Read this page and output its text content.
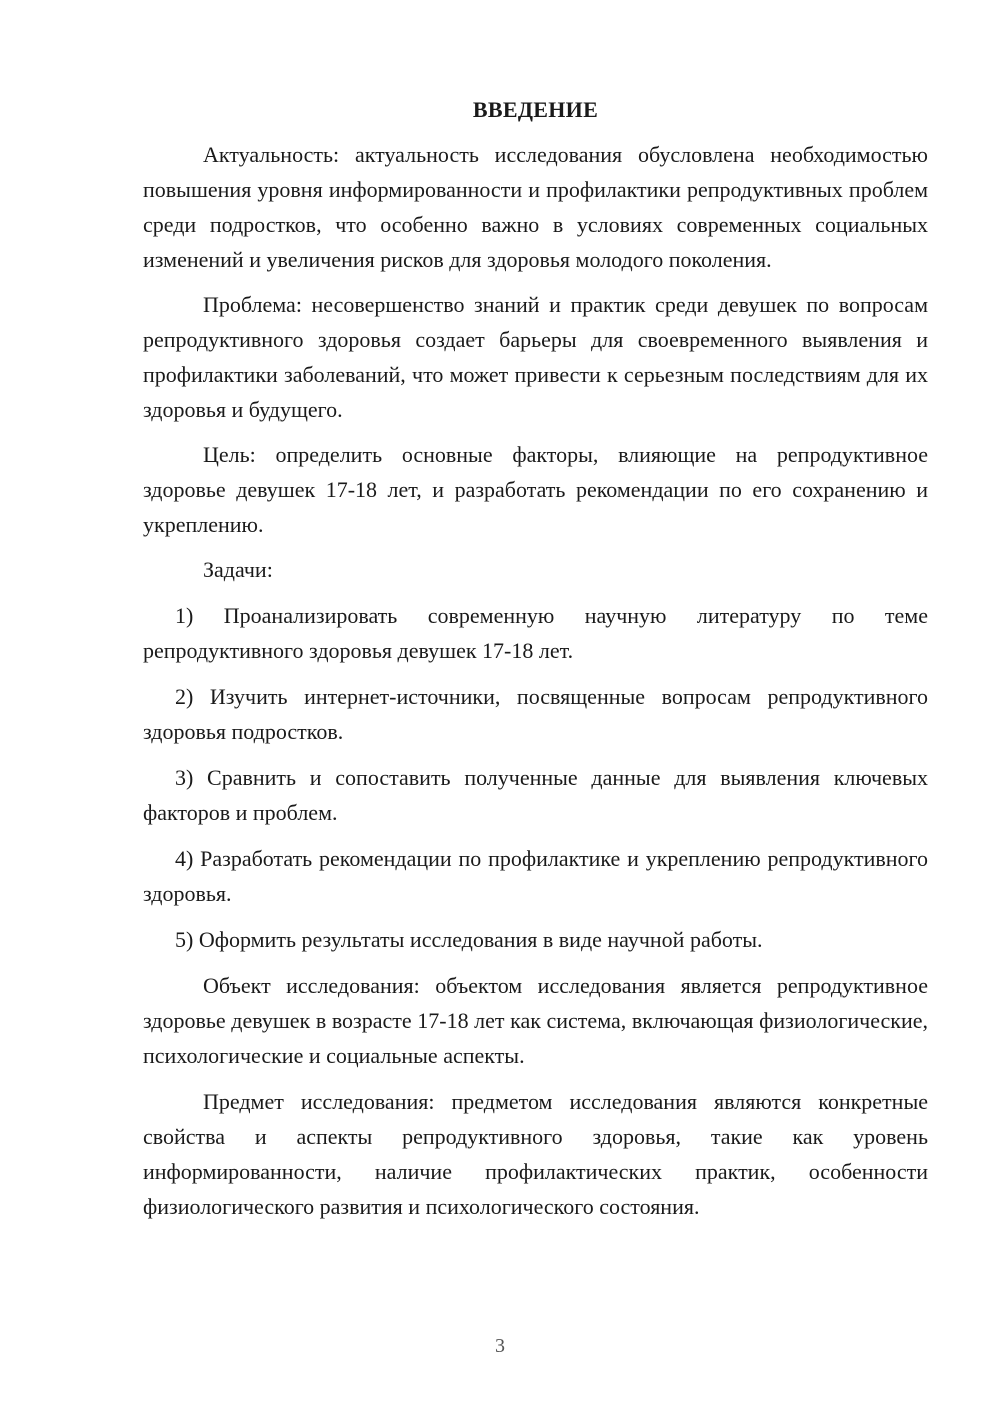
ВВЕДЕНИЕ

Актуальность: актуальность исследования обусловлена необходимостью повышения уровня информированности и профилактики репродуктивных проблем среди подростков, что особенно важно в условиях современных социальных изменений и увеличения рисков для здоровья молодого поколения.

Проблема: несовершенство знаний и практик среди девушек по вопросам репродуктивного здоровья создает барьеры для своевременного выявления и профилактики заболеваний, что может привести к серьезным последствиям для их здоровья и будущего.

Цель: определить основные факторы, влияющие на репродуктивное здоровье девушек 17-18 лет, и разработать рекомендации по его сохранению и укреплению.

Задачи:

1) Проанализировать современную научную литературу по теме репродуктивного здоровья девушек 17-18 лет.

2) Изучить интернет-источники, посвященные вопросам репродуктивного здоровья подростков.

3) Сравнить и сопоставить полученные данные для выявления ключевых факторов и проблем.

4) Разработать рекомендации по профилактике и укреплению репродуктивного здоровья.

5) Оформить результаты исследования в виде научной работы.

Объект исследования: объектом исследования является репродуктивное здоровье девушек в возрасте 17-18 лет как система, включающая физиологические, психологические и социальные аспекты.

Предмет исследования: предметом исследования являются конкретные свойства и аспекты репродуктивного здоровья, такие как уровень информированности, наличие профилактических практик, особенности физиологического развития и психологического состояния.

3
